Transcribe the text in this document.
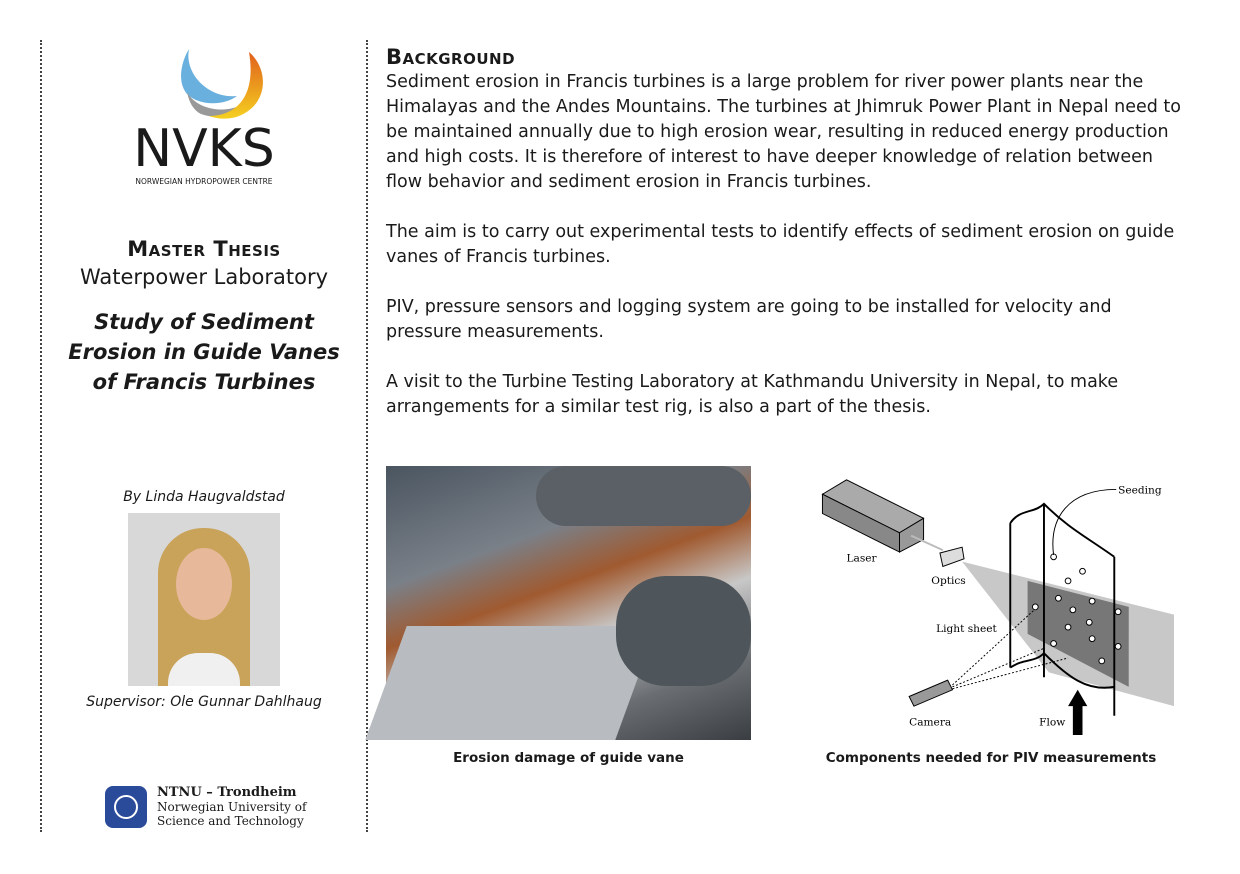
NVKS
NORWEGIAN HYDROPOWER CENTRE
Master Thesis
Waterpower Laboratory
Study of Sediment Erosion in Guide Vanes of Francis Turbines
By Linda Haugvaldstad
Supervisor: Ole Gunnar Dahlhaug
NTNU – Trondheim
Norwegian University of
Science and Technology
Background

Sediment erosion in Francis turbines is a large problem for river power plants near the Himalayas and the Andes Mountains. The turbines at Jhimruk Power Plant in Nepal need to be maintained annually due to high erosion wear, resulting in reduced energy production and high costs. It is therefore of interest to have deeper knowledge of relation between flow behavior and sediment erosion in Francis turbines.

The aim is to carry out experimental tests to identify effects of sediment erosion on guide vanes of Francis turbines.

PIV, pressure sensors and logging system are going to be installed for velocity and pressure measurements.

A visit to the Turbine Testing Laboratory at Kathmandu University in Nepal, to make arrangements for a similar test rig, is also a part of the thesis.

Erosion damage of guide vane
Laser
Optics
Light sheet
Camera	Flow
Seeding
Components needed for PIV measurements
